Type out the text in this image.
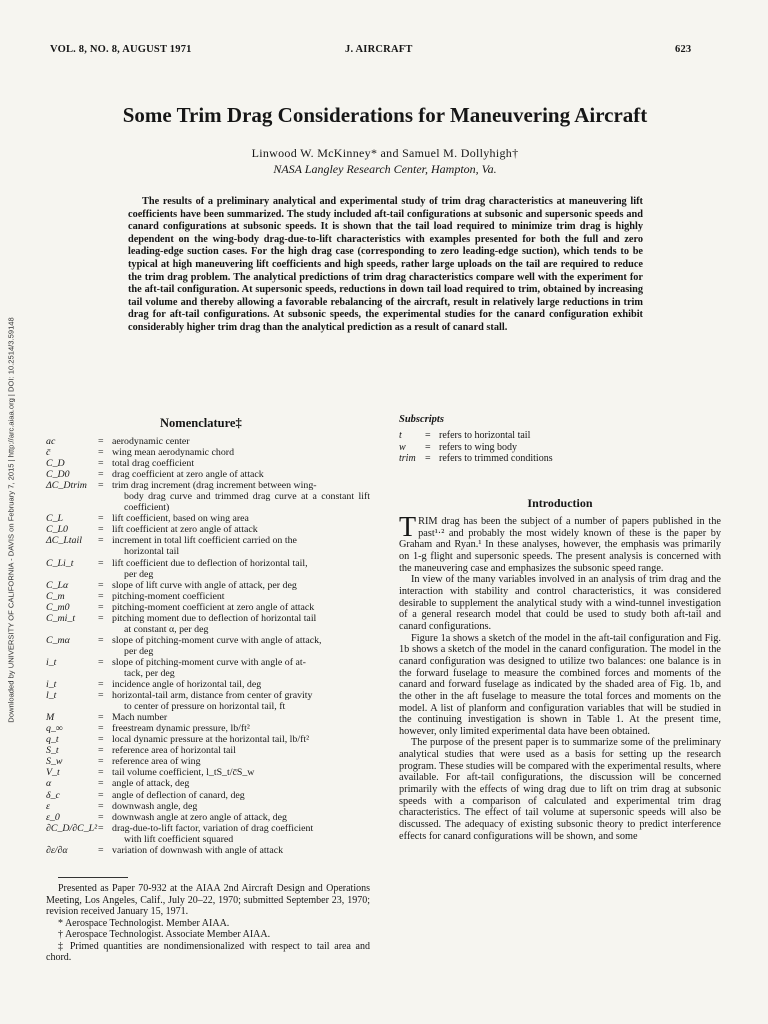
VOL. 8, NO. 8, AUGUST 1971	J. AIRCRAFT	623
Some Trim Drag Considerations for Maneuvering Aircraft
Linwood W. McKinney* and Samuel M. Dollyhigh†
NASA Langley Research Center, Hampton, Va.

The results of a preliminary analytical and experimental study of trim drag characteristics at maneuvering lift coefficients have been summarized. The study included aft-tail configurations at subsonic and supersonic speeds and canard configurations at subsonic speeds. It is shown that the tail load required to minimize trim drag is highly dependent on the wing-body drag-due-to-lift characteristics with examples presented for both the full and zero leading-edge suction cases. For the high drag case (corresponding to zero leading-edge suction), which tends to be typical at high maneuvering lift coefficients and high speeds, rather large uploads on the tail are required to reduce the trim drag problem. The analytical predictions of trim drag characteristics compare well with the experiment for the aft-tail configuration. At supersonic speeds, reductions in down tail load required to trim, obtained by increasing tail volume and thereby allowing a favorable rebalancing of the aircraft, result in relatively large reductions in trim drag for aft-tail configurations. At subsonic speeds, the experimental studies for the canard configuration exhibit considerably higher trim drag than the analytical prediction as a result of canard stall.

Downloaded by UNIVERSITY OF CALIFORNIA - DAVIS on February 7, 2015 | http://arc.aiaa.org | DOI: 10.2514/3.59148	Nomenclature‡
ac	= aerodynamic center
c̄	= wing mean aerodynamic chord
C_D	= total drag coefficient
C_D0	= drag coefficient at zero angle of attack
ΔC_Dtrim	= trim drag increment (drag increment between wing-
body drag curve and trimmed drag curve at a constant lift coefficient)
C_L	= lift coefficient, based on wing area
C_L0	= lift coefficient at zero angle of attack
ΔC_Ltail	= increment in total lift coefficient carried on the
horizontal tail
C_Li_t	= lift coefficient due to deflection of horizontal tail,
per deg
C_Lα	= slope of lift curve with angle of attack, per deg
C_m	= pitching-moment coefficient
C_m0	= pitching-moment coefficient at zero angle of attack
C_mi_t	= pitching moment due to deflection of horizontal tail
at constant α, per deg
C_mα	= slope of pitching-moment curve with angle of attack,
per deg
i_t	= slope of pitching-moment curve with angle of at-
tack, per deg
i_t	= incidence angle of horizontal tail, deg
l_t	= horizontal-tail arm, distance from center of gravity
to center of pressure on horizontal tail, ft
M	= Mach number
q_∞	= freestream dynamic pressure, lb/ft²
q_t	= local dynamic pressure at the horizontal tail, lb/ft²
S_t	= reference area of horizontal tail
S_w	= reference area of wing
V_t	= tail volume coefficient, l_tS_t/c̄S_w
α	= angle of attack, deg
δ_c	= angle of deflection of canard, deg
ε	= downwash angle, deg
ε_0	= downwash angle at zero angle of attack, deg
∂C_D/∂C_L² = drag-due-to-lift factor, variation of drag coefficient
with lift coefficient squared
∂ε/∂α	= variation of downwash with angle of attack

Presented as Paper 70-932 at the AIAA 2nd Aircraft Design and Operations Meeting, Los Angeles, Calif., July 20–22, 1970; submitted September 23, 1970; revision received January 15, 1971.

* Aerospace Technologist. Member AIAA.

† Aerospace Technologist. Associate Member AIAA.

‡ Primed quantities are nondimensionalized with respect to tail area and chord.

Subscripts
t	= refers to horizontal tail
w	= refers to wing body
trim = refers to trimmed conditions
Introduction

TRIM drag has been the subject of a number of papers published in the past¹·² and probably the most widely known of these is the paper by Graham and Ryan.¹ In these analyses, however, the emphasis was primarily on 1-g flight and supersonic speeds. The present analysis is concerned with the maneuvering case and emphasizes the subsonic speed range.

In view of the many variables involved in an analysis of trim drag and the interaction with stability and control characteristics, it was considered desirable to supplement the analytical study with a wind-tunnel investigation of a general research model that could be used to study both aft-tail and canard configurations.

Figure 1a shows a sketch of the model in the aft-tail configuration and Fig. 1b shows a sketch of the model in the canard configuration. The model in the canard configuration was designed to utilize two balances: one balance is in the forward fuselage to measure the combined forces and moments of the canard and forward fuselage as indicated by the shaded area of Fig. 1b, and the other in the aft fuselage to measure the total forces and moments on the model. A list of planform and configuration variables that will be studied in the continuing investigation is shown in Table 1. At the present time, however, only limited experimental data have been obtained.

The purpose of the present paper is to summarize some of the preliminary analytical studies that were used as a basis for setting up the research program. These studies will be compared with the experimental results, where available. For aft-tail configurations, the discussion will be concerned primarily with the effects of wing drag due to lift on trim drag at subsonic speeds with a comparison of calculated and experimental trim drag characteristics. The effect of tail volume at supersonic speeds will also be discussed. The adequacy of existing subsonic theory to predict interference effects for canard configurations will be shown, and some
